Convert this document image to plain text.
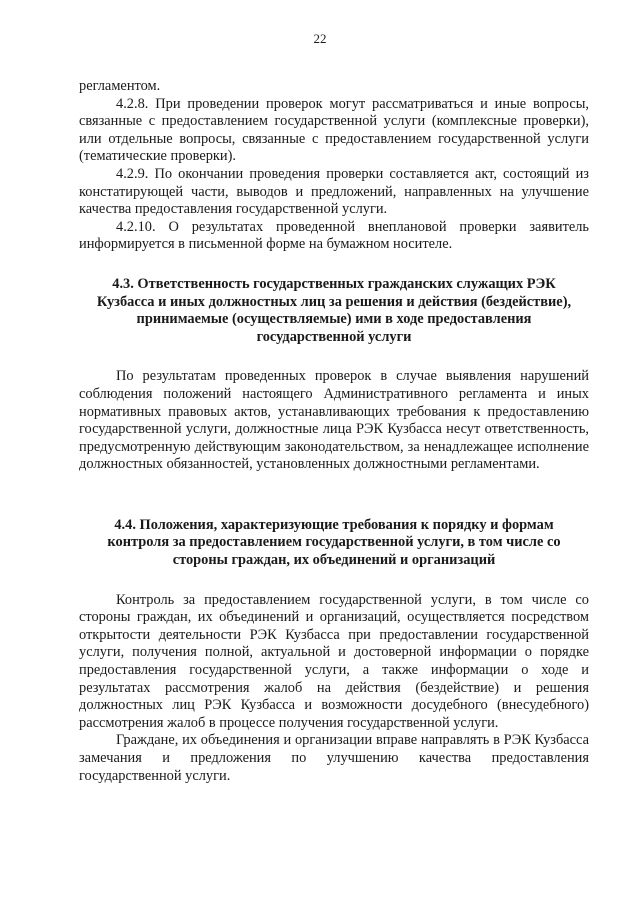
22

регламентом.

4.2.8. При проведении проверок могут рассматриваться и иные вопросы, связанные с предоставлением государственной услуги (комплексные проверки), или отдельные вопросы, связанные с предоставлением государственной услуги (тематические проверки).

4.2.9. По окончании проведения проверки составляется акт, состоящий из констатирующей части, выводов и предложений, направленных на улучшение качества предоставления государственной услуги.

4.2.10. О результатах проведенной внеплановой проверки заявитель информируется в письменной форме на бумажном носителе.

4.3. Ответственность государственных гражданских служащих РЭК
Кузбасса и иных должностных лиц за решения и действия (бездействие),
принимаемые (осуществляемые) ими в ходе предоставления
государственной услуги

По результатам проведенных проверок в случае выявления нарушений соблюдения положений настоящего Административного регламента и иных нормативных правовых актов, устанавливающих требования к предоставлению государственной услуги, должностные лица РЭК Кузбасса несут ответственность, предусмотренную действующим законодательством, за ненадлежащее исполнение должностных обязанностей, установленных должностными регламентами.

4.4. Положения, характеризующие требования к порядку и формам
контроля за предоставлением государственной услуги, в том числе со
стороны граждан, их объединений и организаций

Контроль за предоставлением государственной услуги, в том числе со стороны граждан, их объединений и организаций, осуществляется посредством открытости деятельности РЭК Кузбасса при предоставлении государственной услуги, получения полной, актуальной и достоверной информации о порядке предоставления государственной услуги, а также информации о ходе и результатах рассмотрения жалоб на действия (бездействие) и решения должностных лиц РЭК Кузбасса и возможности досудебного (внесудебного) рассмотрения жалоб в процессе получения государственной услуги.

Граждане, их объединения и организации вправе направлять в РЭК Кузбасса замечания и предложения по улучшению качества предоставления государственной услуги.
